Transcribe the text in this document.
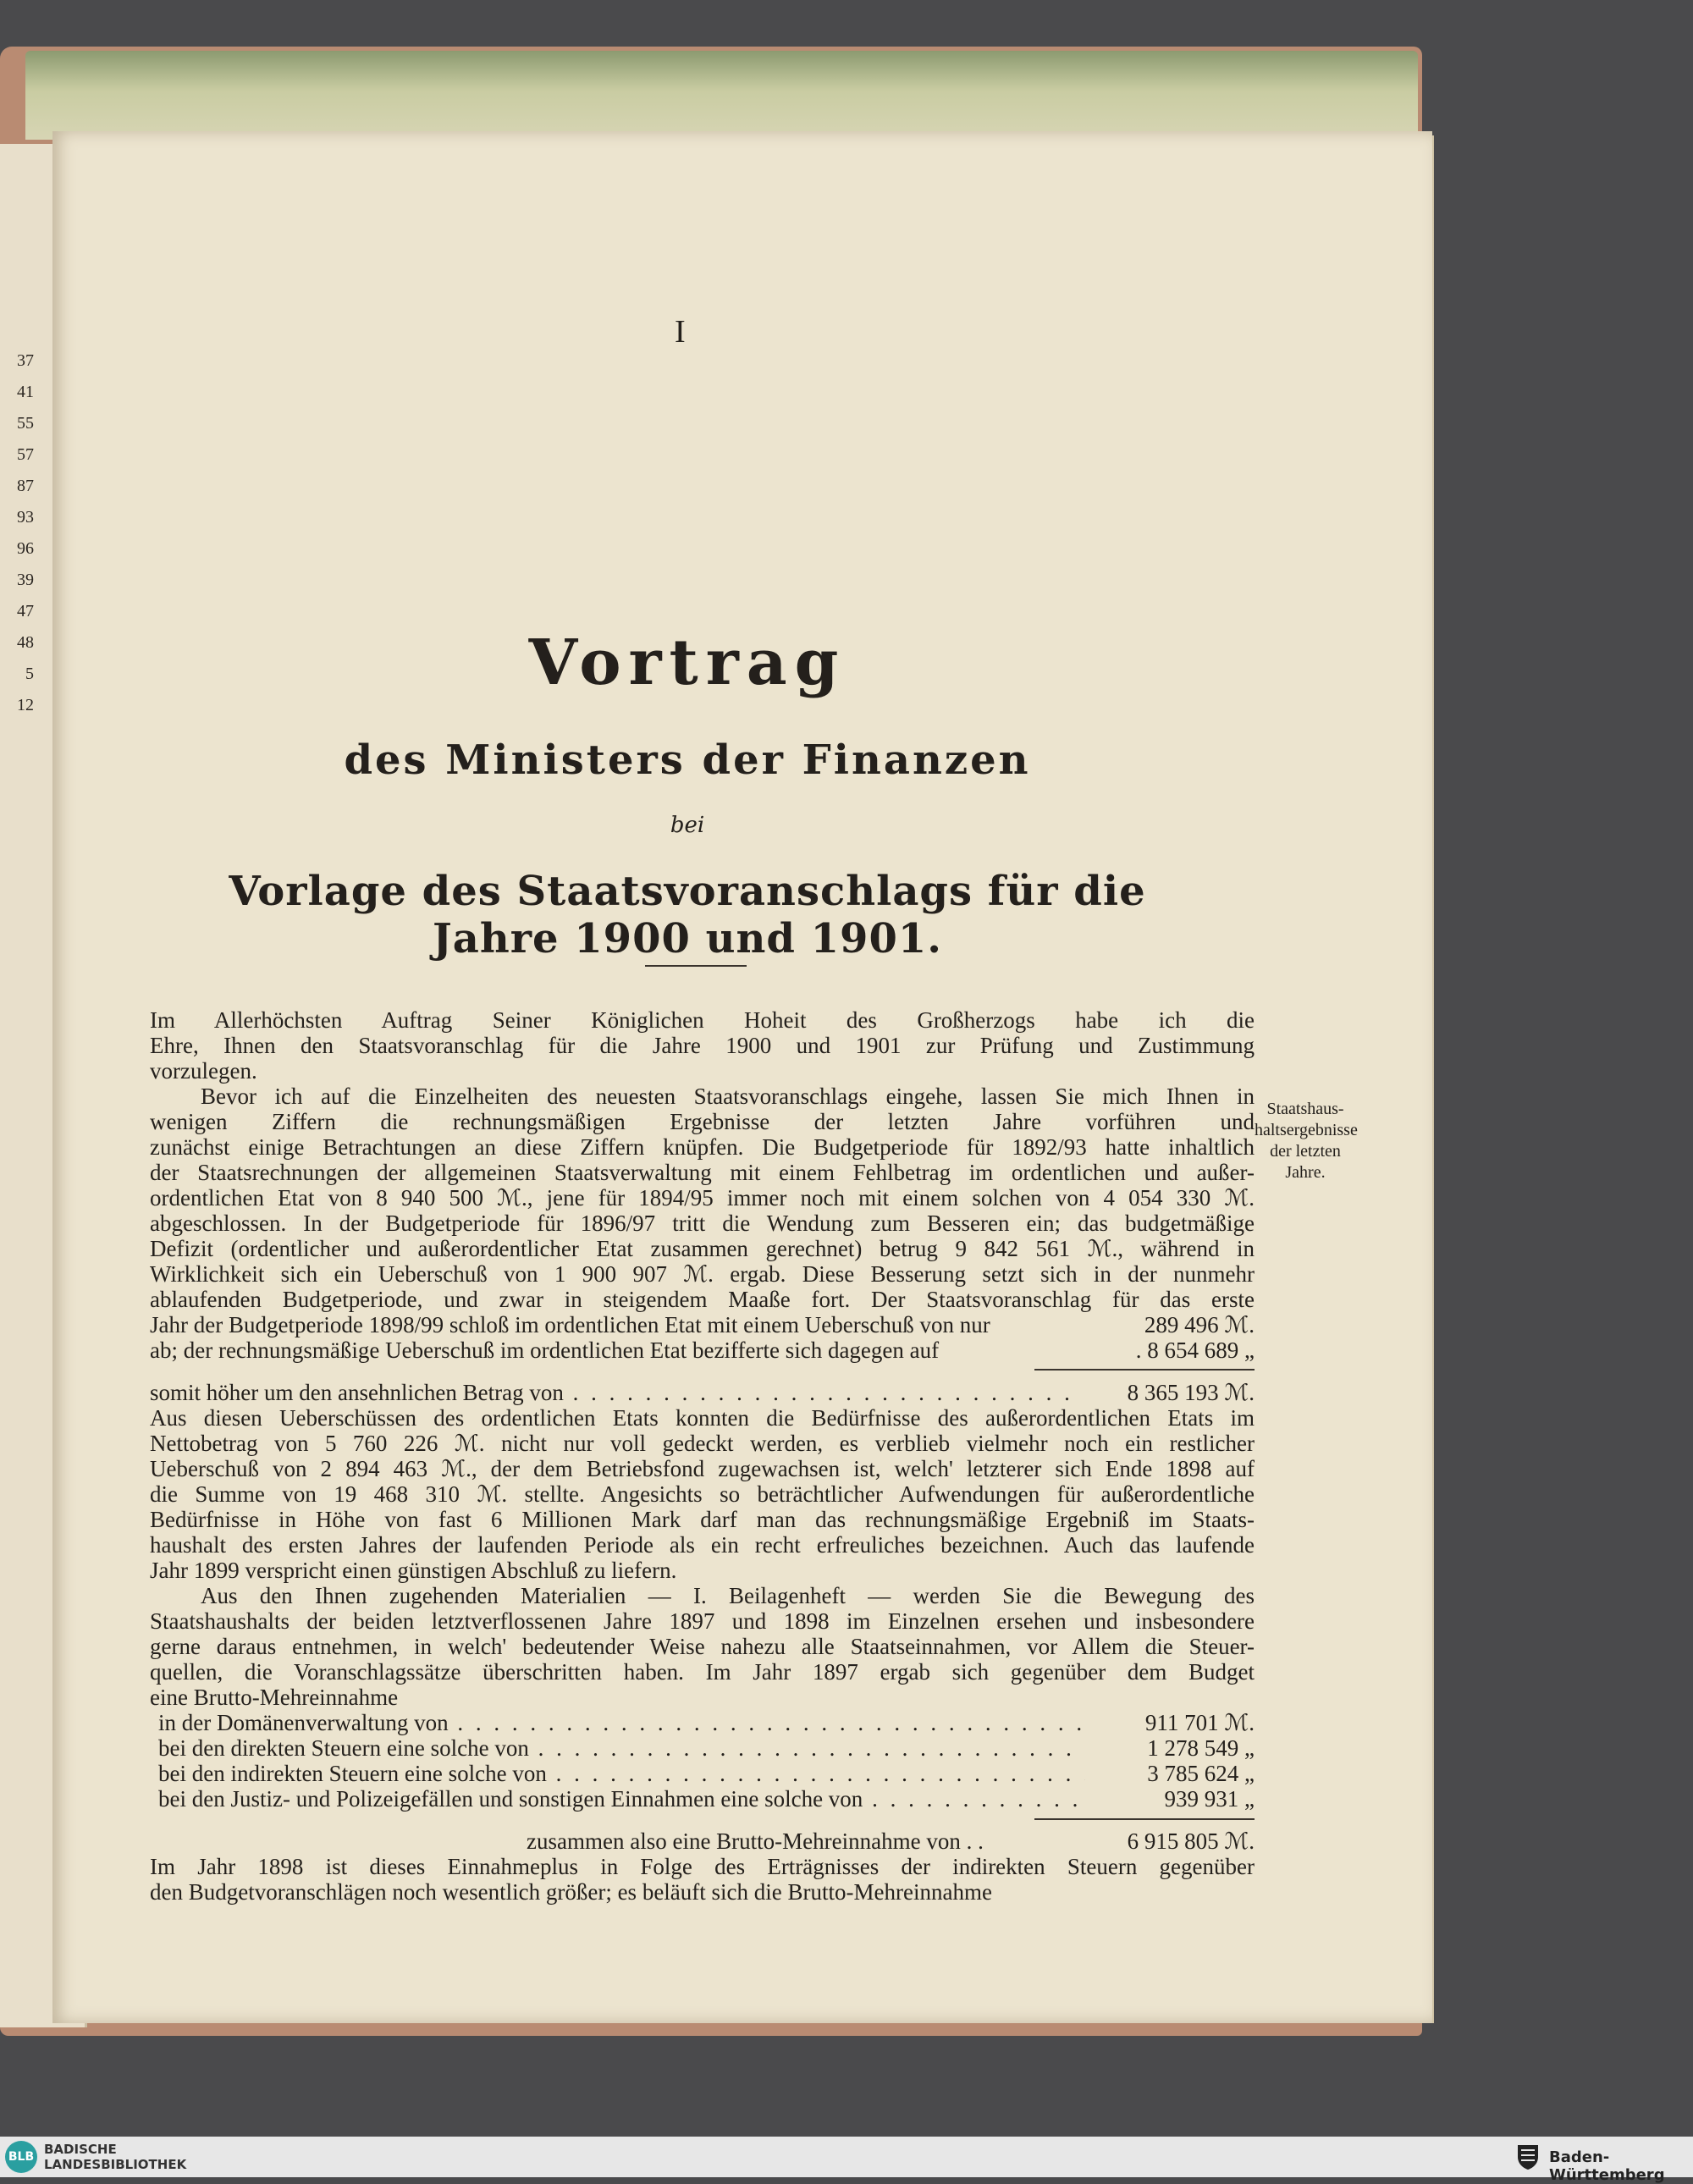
37
41
55
57
87
93
96
39
47
48
5
12
I
Vortrag
des Ministers der Finanzen
bei
Vorlage des Staatsvoranschlags für die Jahre 1900 und 1901.
Im Allerhöchsten Auftrag Seiner Königlichen Hoheit des Großherzogs habe ich die
Ehre, Ihnen den Staatsvoranschlag für die Jahre 1900 und 1901 zur Prüfung und Zustimmung
vorzulegen.
Bevor ich auf die Einzelheiten des neuesten Staatsvoranschlags eingehe, lassen Sie mich Ihnen in
wenigen Ziffern die rechnungsmäßigen Ergebnisse der letzten Jahre vorführen und
zunächst einige Betrachtungen an diese Ziffern knüpfen. Die Budgetperiode für 1892/93 hatte inhaltlich
der Staatsrechnungen der allgemeinen Staatsverwaltung mit einem Fehlbetrag im ordentlichen und außer-
ordentlichen Etat von 8 940 500 ℳ., jene für 1894/95 immer noch mit einem solchen von 4 054 330 ℳ.
abgeschlossen. In der Budgetperiode für 1896/97 tritt die Wendung zum Besseren ein; das budgetmäßige
Defizit (ordentlicher und außerordentlicher Etat zusammen gerechnet) betrug 9 842 561 ℳ., während in
Wirklichkeit sich ein Ueberschuß von 1 900 907 ℳ. ergab. Diese Besserung setzt sich in der nunmehr
ablaufenden Budgetperiode, und zwar in steigendem Maaße fort. Der Staatsvoranschlag für das erste
Jahr der Budgetperiode 1898/99 schloß im ordentlichen Etat mit einem Ueberschuß von nur	289 496 ℳ.
ab; der rechnungsmäßige Ueberschuß im ordentlichen Etat bezifferte sich dagegen auf	. 8 654 689 „
somit höher um den ansehnlichen Betrag von . . .	8 365 193 ℳ.
Aus diesen Ueberschüssen des ordentlichen Etats konnten die Bedürfnisse des außerordentlichen Etats im
Nettobetrag von 5 760 226 ℳ. nicht nur voll gedeckt werden, es verblieb vielmehr noch ein restlicher
Ueberschuß von 2 894 463 ℳ., der dem Betriebsfond zugewachsen ist, welch' letzterer sich Ende 1898 auf
die Summe von 19 468 310 ℳ. stellte. Angesichts so beträchtlicher Aufwendungen für außerordentliche
Bedürfnisse in Höhe von fast 6 Millionen Mark darf man das rechnungsmäßige Ergebniß im Staats-
haushalt des ersten Jahres der laufenden Periode als ein recht erfreuliches bezeichnen. Auch das laufende
Jahr 1899 verspricht einen günstigen Abschluß zu liefern.
Aus den Ihnen zugehenden Materialien — I. Beilagenheft — werden Sie die Bewegung des
Staatshaushalts der beiden letztverflossenen Jahre 1897 und 1898 im Einzelnen ersehen und insbesondere
gerne daraus entnehmen, in welch' bedeutender Weise nahezu alle Staatseinnahmen, vor Allem die Steuer-
quellen, die Voranschlagssätze überschritten haben. Im Jahr 1897 ergab sich gegenüber dem Budget
eine Brutto-Mehreinnahme
in der Domänenverwaltung von . . .	911 701 ℳ.
bei den direkten Steuern eine solche von . . .	1 278 549 „
bei den indirekten Steuern eine solche von . . .	3 785 624 „
bei den Justiz- und Polizeigefällen und sonstigen Einnahmen eine solche von . . .	939 931 „
zusammen also eine Brutto-Mehreinnahme von . .	6 915 805 ℳ.
Im Jahr 1898 ist dieses Einnahmeplus in Folge des Erträgnisses der indirekten Steuern gegenüber
den Budgetvoranschlägen noch wesentlich größer; es beläuft sich die Brutto-Mehreinnahme
Staatshaus-
haltsergebnisse
der letzten
Jahre.
BLB BADISCHE
LANDESBIBLIOTHEK	Baden-Württemberg
